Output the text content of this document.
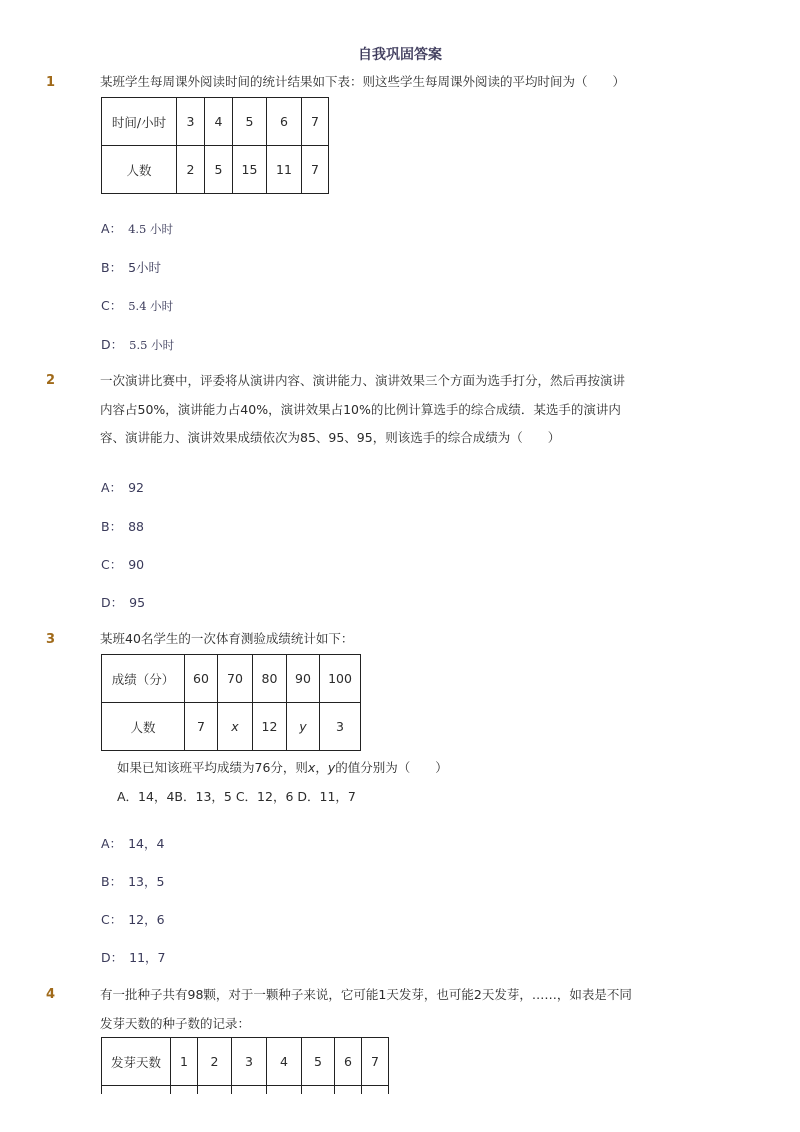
自我巩固答案
1	某班学生每周课外阅读时间的统计结果如下表：则这些学生每周课外阅读的平均时间为（　　）
时间/小时	3	4	5	6	7
人数	2	5	15	11	7
A： 4.5 小时
B： 5小时
C： 5.4 小时
D： 5.5 小时
2	一次演讲比赛中，评委将从演讲内容、演讲能力、演讲效果三个方面为选手打分，然后再按演讲
内容占50%，演讲能力占40%，演讲效果占10%的比例计算选手的综合成绩．某选手的演讲内
容、演讲能力、演讲效果成绩依次为85、95、95，则该选手的综合成绩为（　　）
A： 92
B： 88
C： 90
D： 95
3	某班40名学生的一次体育测验成绩统计如下：
成绩（分）	60	70	80	90	100
人数	7	x	12	y	3
如果已知该班平均成绩为76分，则x，y的值分别为（　　）
A．14，4B．13，5 C．12，6 D．11，7
A： 14，4
B： 13，5
C： 12，6
D： 11，7
4	有一批种子共有98颗，对于一颗种子来说，它可能1天发芽，也可能2天发芽，……，如表是不同
发芽天数的种子数的记录：
发芽天数	1	2	3	4	5	6	7
